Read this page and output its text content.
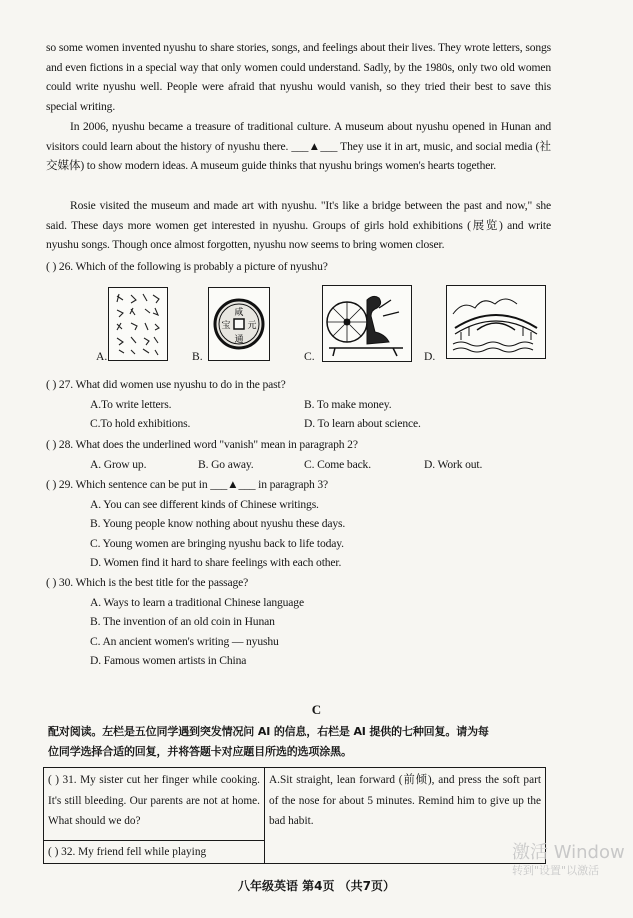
so some women invented nyushu to share stories, songs, and feelings about their lives. They wrote letters, songs and even fictions in a special way that only women could understand. Sadly, by the 1980s, only two old women could write nyushu well. People were afraid that nyushu would vanish, so they tried their best to save this special writing.
In 2006, nyushu became a treasure of traditional culture. A museum about nyushu opened in Hunan and visitors could learn about the history of nyushu there. ___▲___ They use it in art, music, and social media (社交媒体) to show modern ideas. A museum guide thinks that nyushu brings women's hearts together.
Rosie visited the museum and made art with nyushu. "It's like a bridge between the past and now," she said. These days more women get interested in nyushu. Groups of girls hold exhibitions (展览) and write nyushu songs. Though once almost forgotten, nyushu now seems to bring women closer.
( ) 26. Which of the following is probably a picture of nyushu?
A.	B.
咸
元
宝
通
C.	D.
( ) 27. What did women use nyushu to do in the past?
A.To write letters.	B. To make money.
C.To hold exhibitions.	D. To learn about science.
( ) 28. What does the underlined word "vanish" mean in paragraph 2?
A. Grow up.	B. Go away.	C. Come back.	D. Work out.
( ) 29. Which sentence can be put in ___▲___ in paragraph 3?
A. You can see different kinds of Chinese writings.
B. Young people know nothing about nyushu these days.
C. Young women are bringing nyushu back to life today.
D. Women find it hard to share feelings with each other.
( ) 30. Which is the best title for the passage?
A. Ways to learn a traditional Chinese language
B. The invention of an old coin in Hunan
C. An ancient women's writing — nyushu
D. Famous women artists in China
C
配对阅读。左栏是五位同学遇到突发情况问 AI 的信息，右栏是 AI 提供的七种回复。请为每
位同学选择合适的回复，并将答题卡对应题目所选的选项涂黑。
( ) 31. My sister cut her finger while cooking. It's still bleeding. Our parents are not at home. What should we do?	A.Sit straight, lean forward (前倾), and press the soft part of the nose for about 5 minutes. Remind him to give up the bad habit.
( ) 32. My friend fell while playing
八年级英语 第4页 （共7页）
激活 Window
转到"设置"以激活
